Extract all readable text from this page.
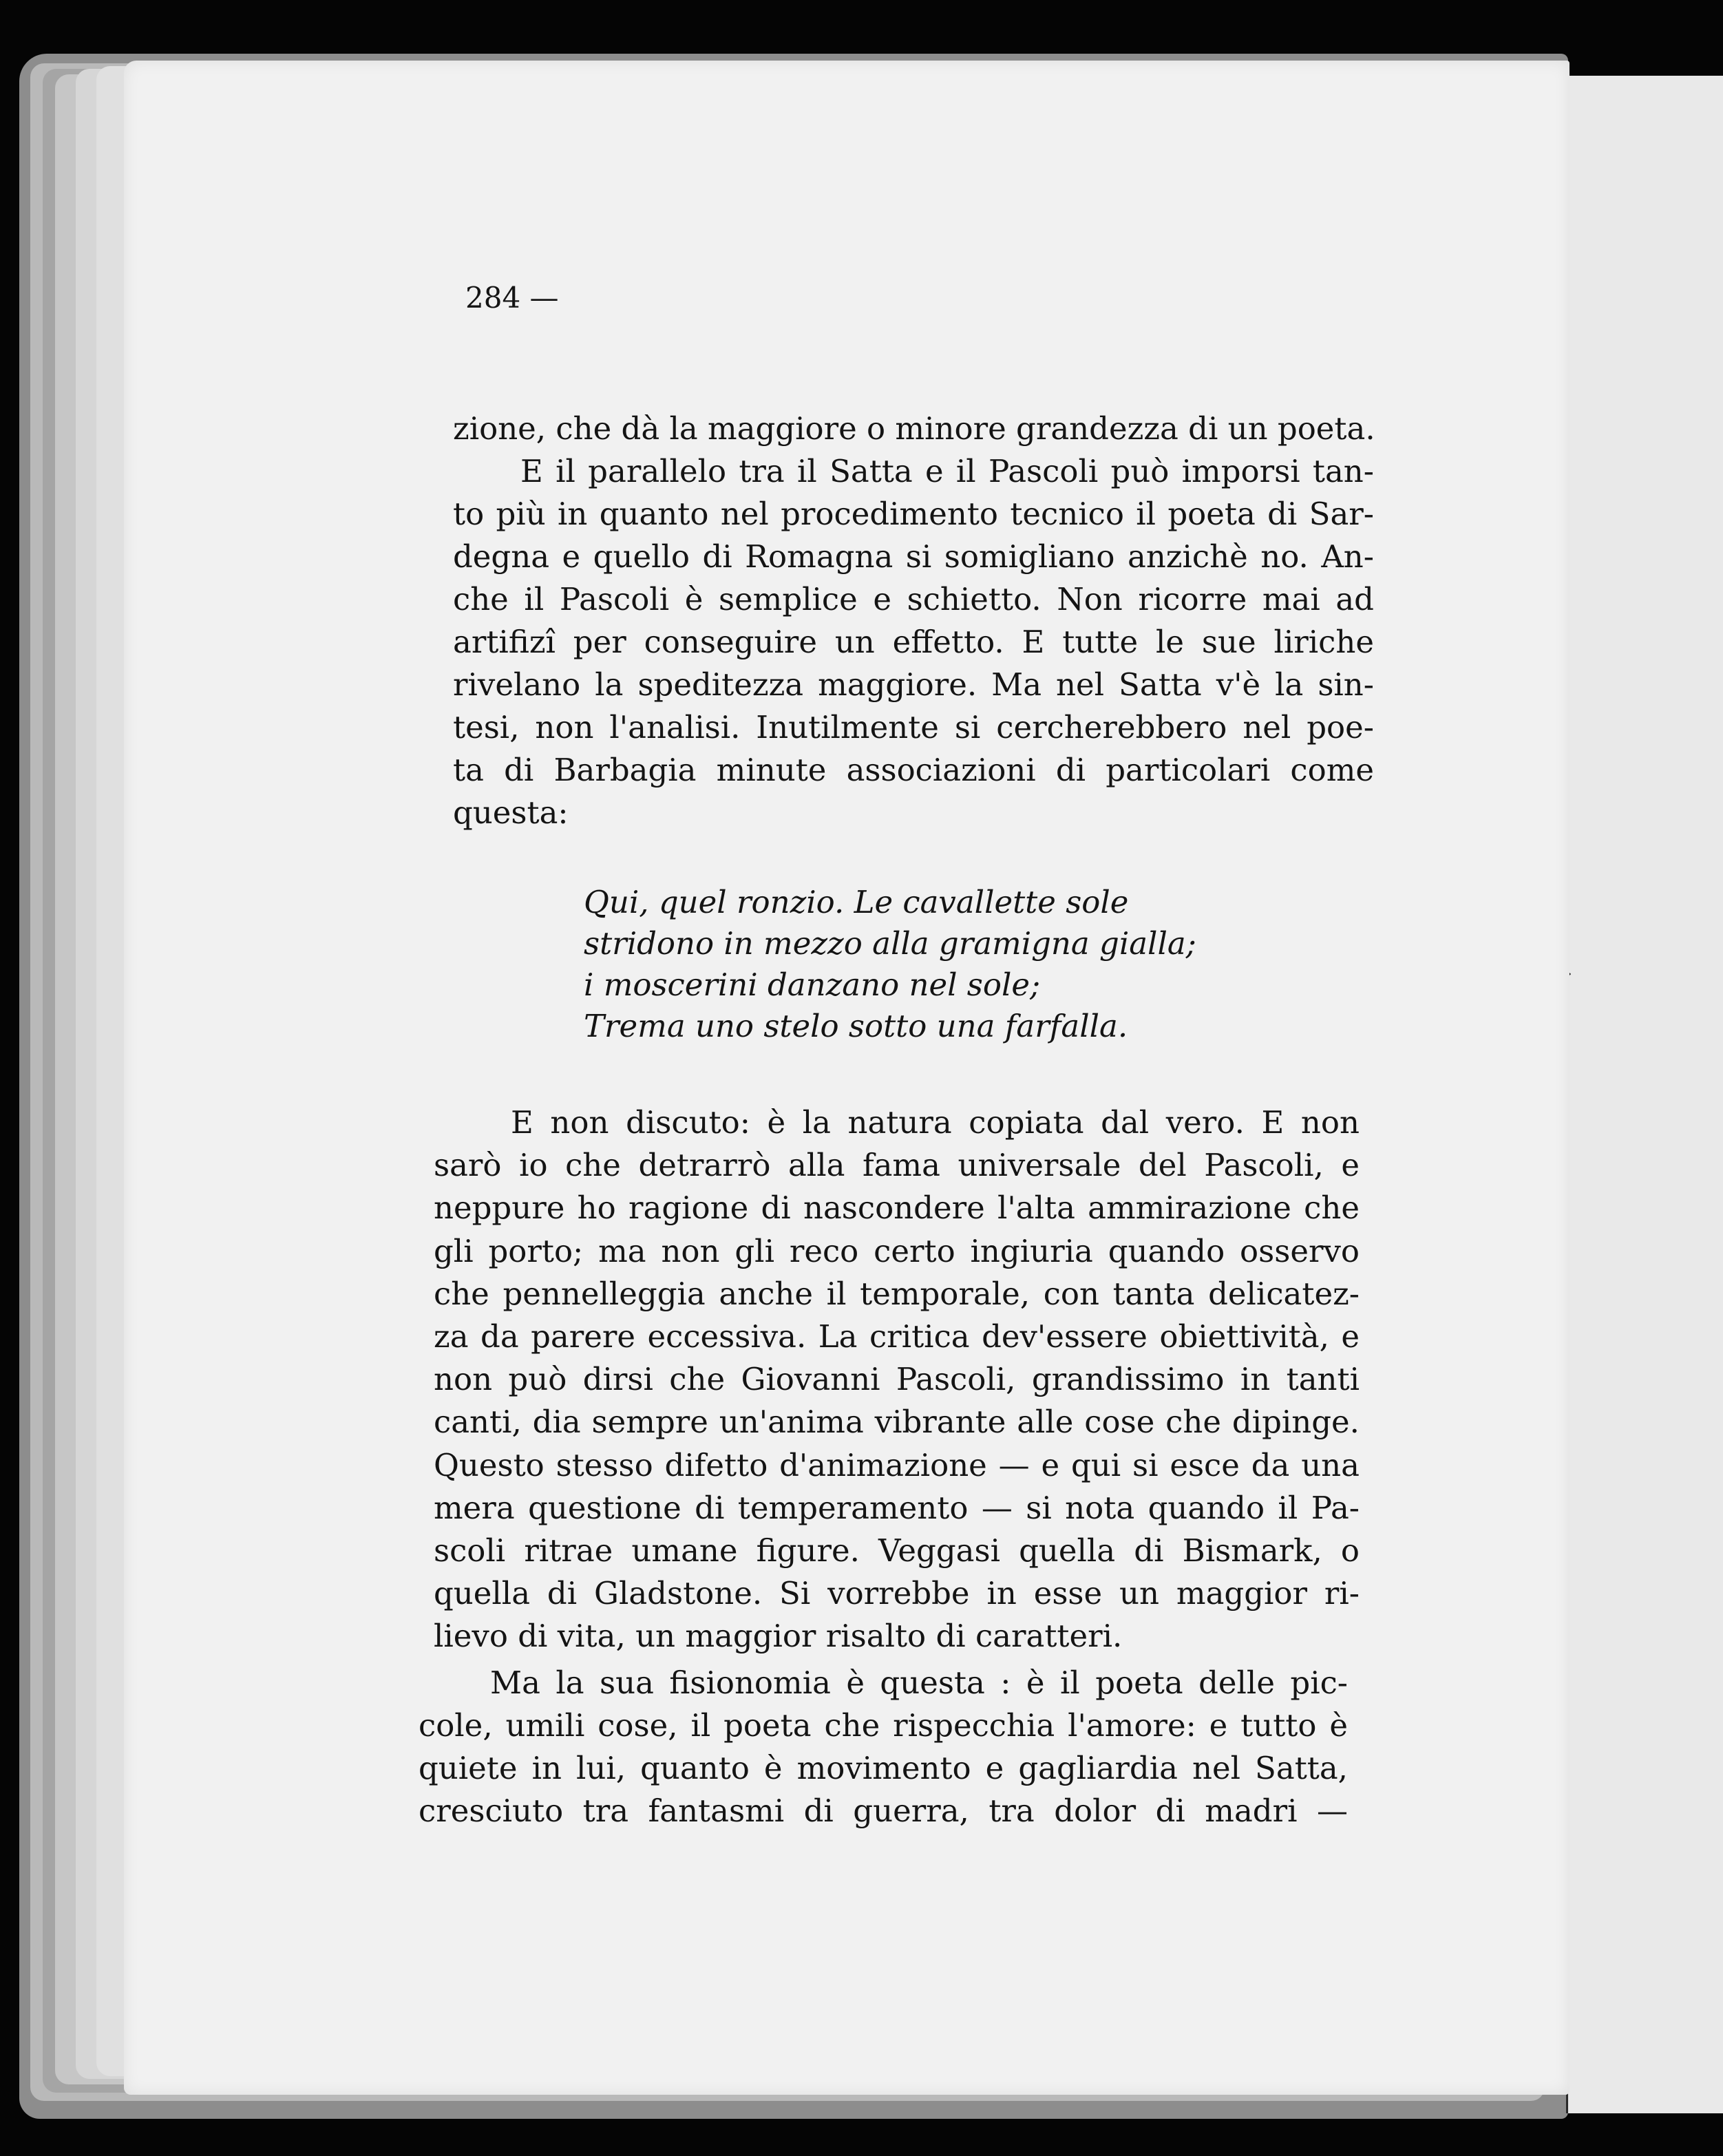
284 —
zione, che dà la maggiore o minore grandezza di un poeta.
E il parallelo tra il Satta e il Pascoli può imporsi tan-
to più in quanto nel procedimento tecnico il poeta di Sar-
degna e quello di Romagna si somigliano anzichè no. An-
che il Pascoli è semplice e schietto. Non ricorre mai ad
artifizî per conseguire un effetto. E tutte le sue liriche
rivelano la speditezza maggiore. Ma nel Satta v'è la sin-
tesi, non l'analisi. Inutilmente si cercherebbero nel poe-
ta di Barbagia minute associazioni di particolari come
questa:
Qui, quel ronzio. Le cavallette sole
stridono in mezzo alla gramigna gialla;
i moscerini danzano nel sole;
Trema uno stelo sotto una farfalla.
E non discuto: è la natura copiata dal vero. E non
sarò io che detrarrò alla fama universale del Pascoli, e
neppure ho ragione di nascondere l'alta ammirazione che
gli porto; ma non gli reco certo ingiuria quando osservo
che pennelleggia anche il temporale, con tanta delicatez-
za da parere eccessiva. La critica dev'essere obiettività, e
non può dirsi che Giovanni Pascoli, grandissimo in tanti
canti, dia sempre un'anima vibrante alle cose che dipinge.
Questo stesso difetto d'animazione — e qui si esce da una
mera questione di temperamento — si nota quando il Pa-
scoli ritrae umane figure. Veggasi quella di Bismark, o
quella di Gladstone. Si vorrebbe in esse un maggior ri-
lievo di vita, un maggior risalto di caratteri.
Ma la sua fisionomia è questa : è il poeta delle pic-
cole, umili cose, il poeta che rispecchia l'amore: e tutto è
quiete in lui, quanto è movimento e gagliardia nel Satta,
cresciuto tra fantasmi di guerra, tra dolor di madri —
